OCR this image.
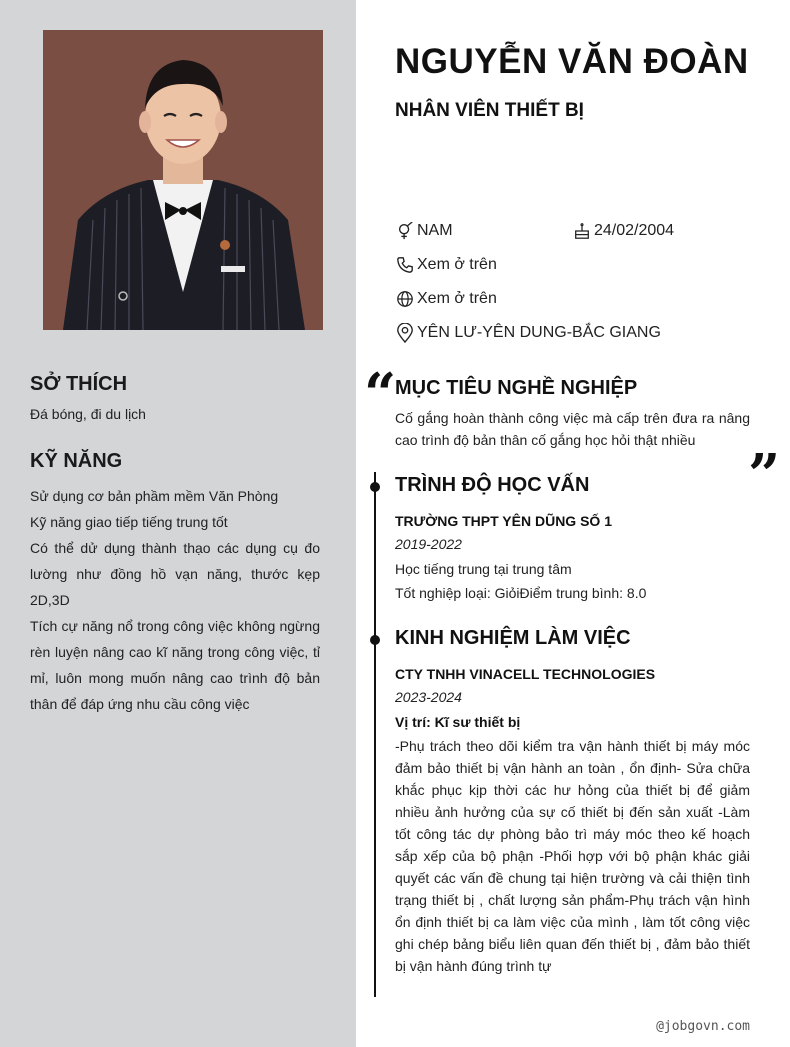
SỞ THÍCH
Đá bóng, đi du lịch
KỸ NĂNG

Sử dụng cơ bản phầm mềm Văn Phòng

Kỹ năng giao tiếp tiếng trung tốt

Có thể dử dụng thành thạo các dụng cụ đo lường như đồng hồ vạn năng, thước kẹp 2D,3D

Tích cự năng nổ trong công việc không ngừng rèn luyện nâng cao kĩ năng trong công việc, tỉ mỉ, luôn mong muốn nâng cao trình độ bản thân để đáp ứng nhu cầu công việc

NGUYỄN VĂN ĐOÀN
NHÂN VIÊN THIẾT BỊ
NAM	24/02/2004
Xem ở trên
Xem ở trên
YÊN LƯ-YÊN DUNG-BẮC GIANG
“
MỤC TIÊU NGHỀ NGHIỆP
Cố gắng hoàn thành công việc mà cấp trên đưa ra nâng cao trình độ bản thân cố gắng học hỏi thật nhiều
”
TRÌNH ĐỘ HỌC VẤN
TRƯỜNG THPT YÊN DŨNG SỐ 1
2019-2022
Học tiếng trung tại trung tâm
Tốt nghiệp loại: GiỏiĐiểm trung bình: 8.0
KINH NGHIỆM LÀM VIỆC
CTY TNHH VINACELL TECHNOLOGIES
2023-2024
Vị trí: Kĩ sư thiết bị
-Phụ trách theo dõi kiểm tra vận hành thiết bị máy móc đảm bảo thiết bị vận hành an toàn , ổn định- Sửa chữa khắc phục kịp thời các hư hỏng của thiết bị để giảm nhiều ảnh hưởng của sự cố thiết bị đến sản xuất -Làm tốt công tác dự phòng bảo trì máy móc theo kế hoạch sắp xếp của bộ phận -Phối hợp với bộ phận khác giải quyết các vấn đề chung tại hiện trường và cải thiện tình trạng thiết bị , chất lượng sản phẩm-Phụ trách vận hình ổn định thiết bị ca làm việc của mình , làm tốt công việc ghi chép bảng biểu liên quan đến thiết bị , đảm bảo thiết bị vận hành đúng trình tự
@jobgovn.com
